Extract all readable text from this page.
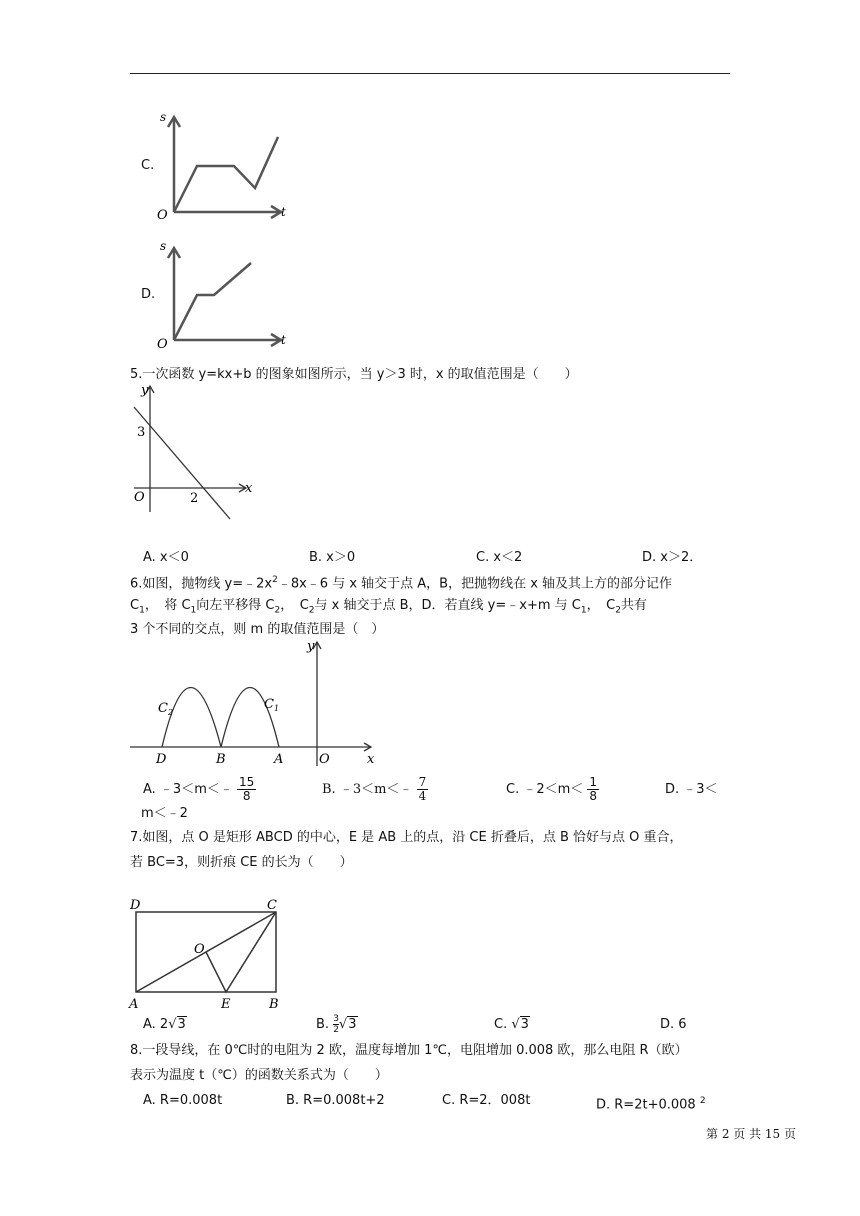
C.
s
O	t
D.
s
O	t
5.一次函数 y=kx+b 的图象如图所示，当 y＞3 时，x 的取值范围是（　　）
y
3
O	2
x
A. x＜0	B. x＞0	C. x＜2	D. x＞2．
6.如图，抛物线 $y=﹣2x^2﹣8x﹣6$ 与 x 轴交于点 A，B，把抛物线在 x 轴及其上方的部分记作
$C_1$，　将 $C_1$向左平移得 $C_2$，　$C_2$与 x 轴交于点 B，D．若直线 y=﹣x+m 与 $C_1$，　$C_2$共有
3 个不同的交点，则 m 的取值范围是（　）
$C_2$
$C_1$
D	B	A	O
y
x
A. ﹣3＜m＜﹣ $\frac{15}{8}$	B. ﹣3＜m＜﹣ $\frac{7}{4}$	C. ﹣2＜m＜ $\frac{1}{8}$	D. ﹣3＜
m＜﹣2
7.如图，点 O 是矩形 ABCD 的中心，E 是 AB 上的点，沿 CE 折叠后，点 B 恰好与点 O 重合，
若 BC=3，则折痕 CE 的长为（　　）
D	C
O
A	E	B
A. 2√3	B. $\frac{3}{2} √3$	C. √3	D. 6
8.一段导线，在 0℃时的电阻为 2 欧，温度每增加 1℃，电阻增加 0.008 欧，那么电阻 R（欧）
表示为温度 t（℃）的函数关系式为（　　）
A. R=0.008t	B. R=0.008t+2	C. R=2．008t	D. R=2t+0.008 $^2$
第 2 页 共 15 页
